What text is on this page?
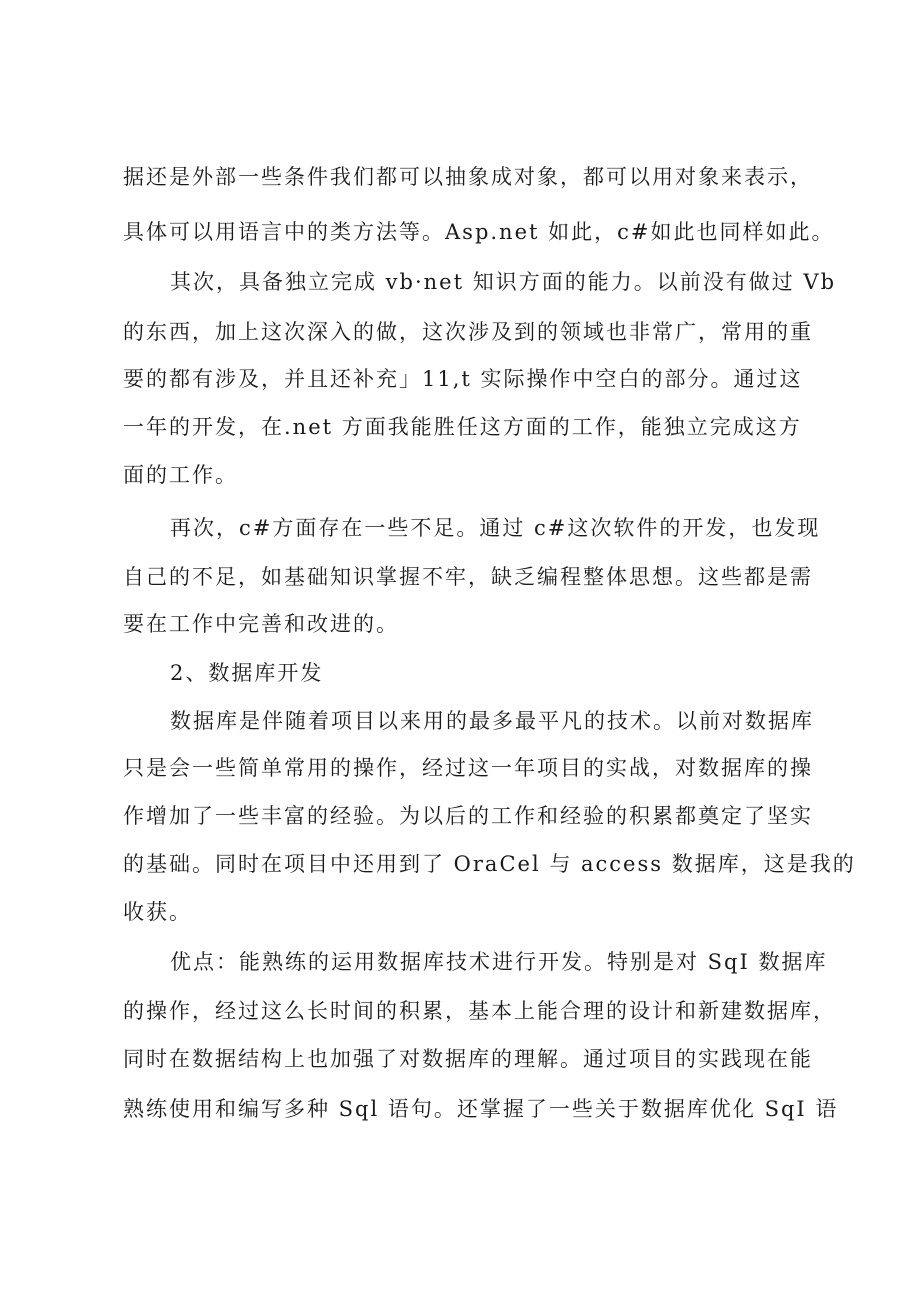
据还是外部一些条件我们都可以抽象成对象，都可以用对象来表示，

具体可以用语言中的类方法等。Asp.net 如此，c#如此也同样如此。

其次，具备独立完成 vb·net 知识方面的能力。以前没有做过 Vb

的东西，加上这次深入的做，这次涉及到的领域也非常广，常用的重

要的都有涉及，并且还补充」11,t 实际操作中空白的部分。通过这

一年的开发，在.net 方面我能胜任这方面的工作，能独立完成这方

面的工作。

再次，c#方面存在一些不足。通过 c#这次软件的开发，也发现

自己的不足，如基础知识掌握不牢，缺乏编程整体思想。这些都是需

要在工作中完善和改进的。

2、数据库开发

数据库是伴随着项目以来用的最多最平凡的技术。以前对数据库

只是会一些简单常用的操作，经过这一年项目的实战，对数据库的操

作增加了一些丰富的经验。为以后的工作和经验的积累都奠定了坚实

的基础。同时在项目中还用到了 OraCel 与 access 数据库，这是我的

收获。

优点：能熟练的运用数据库技术进行开发。特别是对 SqI 数据库

的操作，经过这么长时间的积累，基本上能合理的设计和新建数据库，

同时在数据结构上也加强了对数据库的理解。通过项目的实践现在能

熟练使用和编写多种 Sql 语句。还掌握了一些关于数据库优化 SqI 语
